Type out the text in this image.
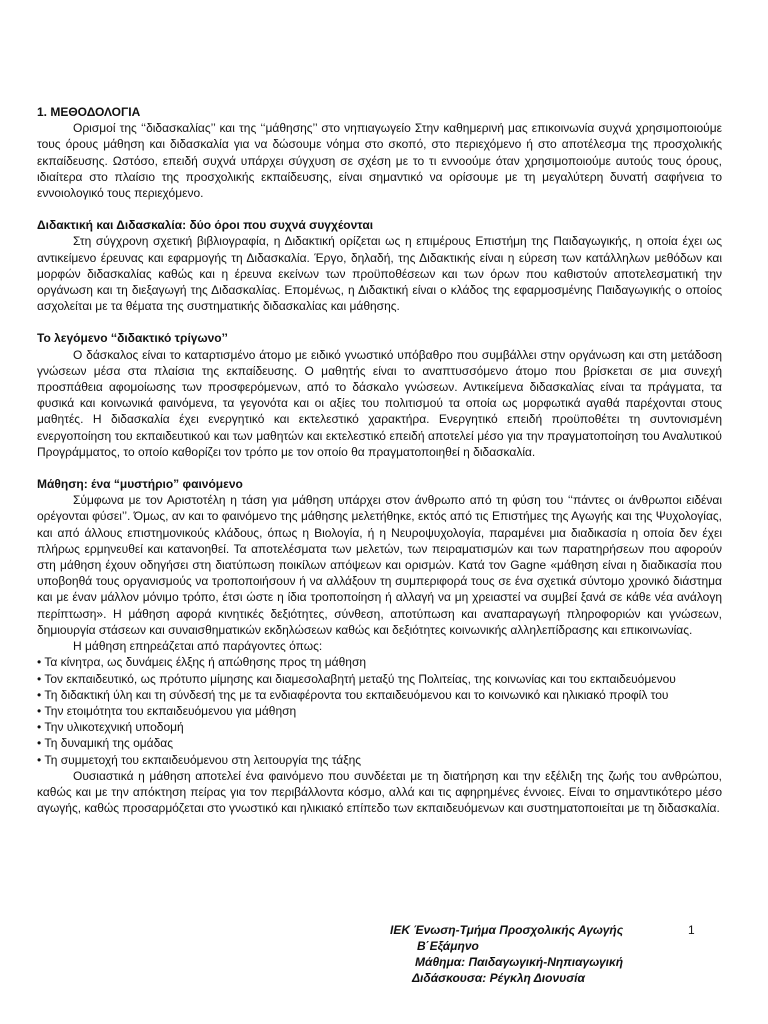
1. ΜΕΘΟΔΟΛΟΓΙΑ

Ορισμοί της ‘‘διδασκαλίας’’ και της ‘‘μάθησης’’ στο νηπιαγωγείο Στην καθημερινή μας επικοινωνία συχνά χρησιμοποιούμε τους όρους μάθηση και διδασκαλία για να δώσουμε νόημα στο σκοπό, στο περιεχόμενο ή στο αποτέλεσμα της προσχολικής εκπαίδευσης. Ωστόσο, επειδή συχνά υπάρχει σύγχυση σε σχέση με το τι εννοούμε όταν χρησιμοποιούμε αυτούς τους όρους, ιδιαίτερα στο πλαίσιο της προσχολικής εκπαίδευσης, είναι σημαντικό να ορίσουμε με τη μεγαλύτερη δυνατή σαφήνεια το εννοιολογικό τους περιεχόμενο.

Διδακτική και Διδασκαλία: δύο όροι που συχνά συγχέονται

Στη σύγχρονη σχετική βιβλιογραφία, η Διδακτική ορίζεται ως η επιμέρους Επιστήμη της Παιδαγωγικής, η οποία έχει ως αντικείμενο έρευνας και εφαρμογής τη Διδασκαλία. Έργο, δηλαδή, της Διδακτικής είναι η εύρεση των κατάλληλων μεθόδων και μορφών διδασκαλίας καθώς και η έρευνα εκείνων των προϋποθέσεων και των όρων που καθιστούν αποτελεσματική την οργάνωση και τη διεξαγωγή της Διδασκαλίας. Επομένως, η Διδακτική είναι ο κλάδος της εφαρμοσμένης Παιδαγωγικής ο οποίος ασχολείται με τα θέματα της συστηματικής διδασκαλίας και μάθησης.

Το λεγόμενο ‘‘διδακτικό τρίγωνο’’

Ο δάσκαλος είναι το καταρτισμένο άτομο με ειδικό γνωστικό υπόβαθρο που συμβάλλει στην οργάνωση και στη μετάδοση γνώσεων μέσα στα πλαίσια της εκπαίδευσης. Ο μαθητής είναι το αναπτυσσόμενο άτομο που βρίσκεται σε μια συνεχή προσπάθεια αφομοίωσης των προσφερόμενων, από το δάσκαλο γνώσεων. Αντικείμενα διδασκαλίας είναι τα πράγματα, τα φυσικά και κοινωνικά φαινόμενα, τα γεγονότα και οι αξίες του πολιτισμού τα οποία ως μορφωτικά αγαθά παρέχονται στους μαθητές. Η διδασκαλία έχει ενεργητικό και εκτελεστικό χαρακτήρα. Ενεργητικό επειδή προϋποθέτει τη συντονισμένη ενεργοποίηση του εκπαιδευτικού και των μαθητών και εκτελεστικό επειδή αποτελεί μέσο για την πραγματοποίηση του Αναλυτικού Προγράμματος, το οποίο καθορίζει τον τρόπο με τον οποίο θα πραγματοποιηθεί η διδασκαλία.

Μάθηση: ένα “μυστήριο” φαινόμενο

Σύμφωνα με τον Αριστοτέλη η τάση για μάθηση υπάρχει στον άνθρωπο από τη φύση του ‘‘πάντες οι άνθρωποι ειδέναι ορέγονται φύσει’’. Όμως, αν και το φαινόμενο της μάθησης μελετήθηκε, εκτός από τις Επιστήμες της Αγωγής και της Ψυχολογίας, και από άλλους επιστημονικούς κλάδους, όπως η Βιολογία, ή η Νευροψυχολογία, παραμένει μια διαδικασία η οποία δεν έχει πλήρως ερμηνευθεί και κατανοηθεί. Τα αποτελέσματα των μελετών, των πειραματισμών και των παρατηρήσεων που αφορούν στη μάθηση έχουν οδηγήσει στη διατύπωση ποικίλων απόψεων και ορισμών. Κατά τον Gagne «μάθηση είναι η διαδικασία που υποβοηθά τους οργανισμούς να τροποποιήσουν ή να αλλάξουν τη συμπεριφορά τους σε ένα σχετικά σύντομο χρονικό διάστημα και με έναν μάλλον μόνιμο τρόπο, έτσι ώστε η ίδια τροποποίηση ή αλλαγή να μη χρειαστεί να συμβεί ξανά σε κάθε νέα ανάλογη περίπτωση». Η μάθηση αφορά κινητικές δεξιότητες, σύνθεση, αποτύπωση και αναπαραγωγή πληροφοριών και γνώσεων, δημιουργία στάσεων και συναισθηματικών εκδηλώσεων καθώς και δεξιότητες κοινωνικής αλληλεπίδρασης και επικοινωνίας.

Η μάθηση επηρεάζεται από παράγοντες όπως:

• Τα κίνητρα, ως δυνάμεις έλξης ή απώθησης προς τη μάθηση

• Τον εκπαιδευτικό, ως πρότυπο μίμησης και διαμεσολαβητή μεταξύ της Πολιτείας, της κοινωνίας και του εκπαιδευόμενου

• Τη διδακτική ύλη και τη σύνδεσή της με τα ενδιαφέροντα του εκπαιδευόμενου και το κοινωνικό και ηλικιακό προφίλ του

• Την ετοιμότητα του εκπαιδευόμενου για μάθηση

• Την υλικοτεχνική υποδομή

• Τη δυναμική της ομάδας

• Τη συμμετοχή του εκπαιδευόμενου στη λειτουργία της τάξης

Ουσιαστικά η μάθηση αποτελεί ένα φαινόμενο που συνδέεται με τη διατήρηση και την εξέλιξη της ζωής του ανθρώπου, καθώς και με την απόκτηση πείρας για τον περιβάλλοντα κόσμο, αλλά και τις αφηρημένες έννοιες. Είναι το σημαντικότερο μέσο αγωγής, καθώς προσαρμόζεται στο γνωστικό και ηλικιακό επίπεδο των εκπαιδευόμενων και συστηματοποιείται με τη διδασκαλία.

ΙΕΚ Ένωση-Τμήμα Προσχολικής Αγωγής
Β΄Εξάμηνο
Μάθημα: Παιδαγωγική-Νηπιαγωγική
Διδάσκουσα: Ρέγκλη Διονυσία
1
